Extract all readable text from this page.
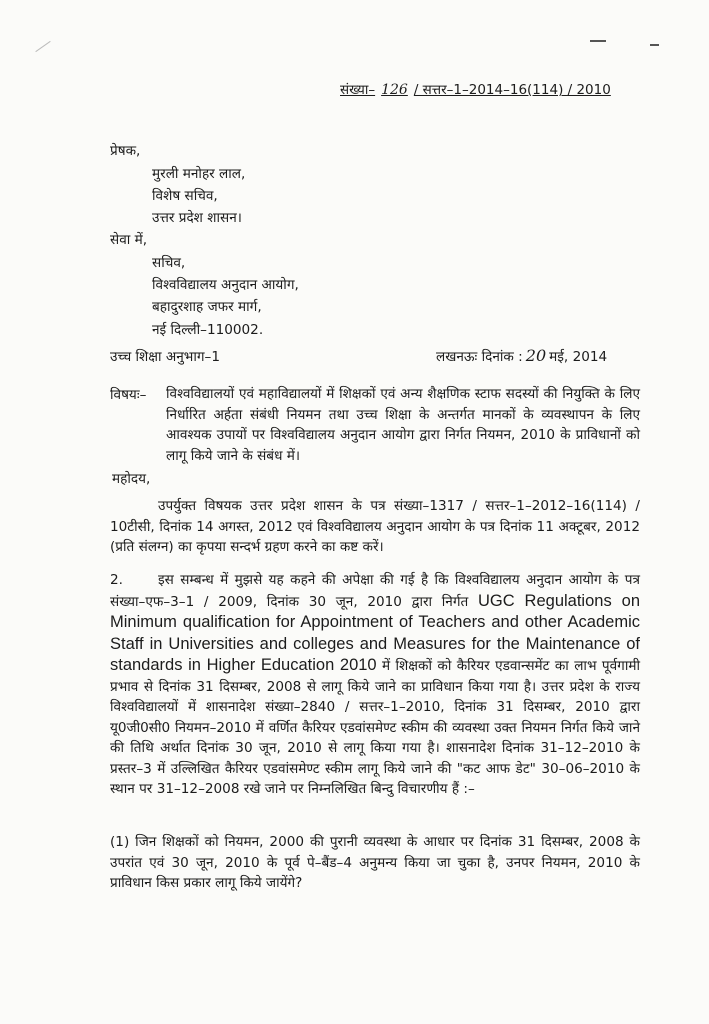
संख्या– 126 / सत्तर–1–2014–16(114) / 2010
प्रेषक,
मुरली मनोहर लाल,
विशेष सचिव,
उत्तर प्रदेश शासन।
सेवा में,
सचिव,
विश्वविद्यालय अनुदान आयोग,
बहादुरशाह जफर मार्ग,
नई दिल्ली–110002.
उच्च शिक्षा अनुभाग–1	लखनऊः दिनांक : 20 मई, 2014
विषयः– विश्वविद्यालयों एवं महाविद्यालयों में शिक्षकों एवं अन्य शैक्षणिक स्टाफ सदस्यों की नियुक्ति के लिए निर्धारित अर्हता संबंधी नियमन तथा उच्च शिक्षा के अन्तर्गत मानकों के व्यवस्थापन के लिए आवश्यक उपायों पर विश्वविद्यालय अनुदान आयोग द्वारा निर्गत नियमन, 2010 के प्राविधानों को लागू किये जाने के संबंध में।
महोदय,
उपर्युक्त विषयक उत्तर प्रदेश शासन के पत्र संख्या–1317 / सत्तर–1–2012–16(114) / 10टीसी, दिनांक 14 अगस्त, 2012 एवं विश्वविद्यालय अनुदान आयोग के पत्र दिनांक 11 अक्टूबर, 2012 (प्रति संलग्न) का कृपया सन्दर्भ ग्रहण करने का कष्ट करें।
2.	इस सम्बन्ध में मुझसे यह कहने की अपेक्षा की गई है कि विश्वविद्यालय अनुदान आयोग के पत्र संख्या–एफ–3–1 / 2009, दिनांक 30 जून, 2010 द्वारा निर्गत UGC Regulations on Minimum qualification for Appointment of Teachers and other Academic Staff in Universities and colleges and Measures for the Maintenance of standards in Higher Education 2010 में शिक्षकों को कैरियर एडवान्समेंट का लाभ पूर्वगामी प्रभाव से दिनांक 31 दिसम्बर, 2008 से लागू किये जाने का प्राविधान किया गया है। उत्तर प्रदेश के राज्य विश्वविद्यालयों में शासनादेश संख्या–2840 / सत्तर–1–2010, दिनांक 31 दिसम्बर, 2010 द्वारा यू0जी0सी0 नियमन–2010 में वर्णित कैरियर एडवांसमेण्ट स्कीम की व्यवस्था उक्त नियमन निर्गत किये जाने की तिथि अर्थात दिनांक 30 जून, 2010 से लागू किया गया है। शासनादेश दिनांक 31–12–2010 के प्रस्तर–3 में उल्लिखित कैरियर एडवांसमेण्ट स्कीम लागू किये जाने की "कट आफ डेट" 30–06–2010 के स्थान पर 31–12–2008 रखे जाने पर निम्नलिखित बिन्दु विचारणीय हैं :–
(1) जिन शिक्षकों को नियमन, 2000 की पुरानी व्यवस्था के आधार पर दिनांक 31 दिसम्बर, 2008 के उपरांत एवं 30 जून, 2010 के पूर्व पे–बैंड–4 अनुमन्य किया जा चुका है, उनपर नियमन, 2010 के प्राविधान किस प्रकार लागू किये जायेंगे?
